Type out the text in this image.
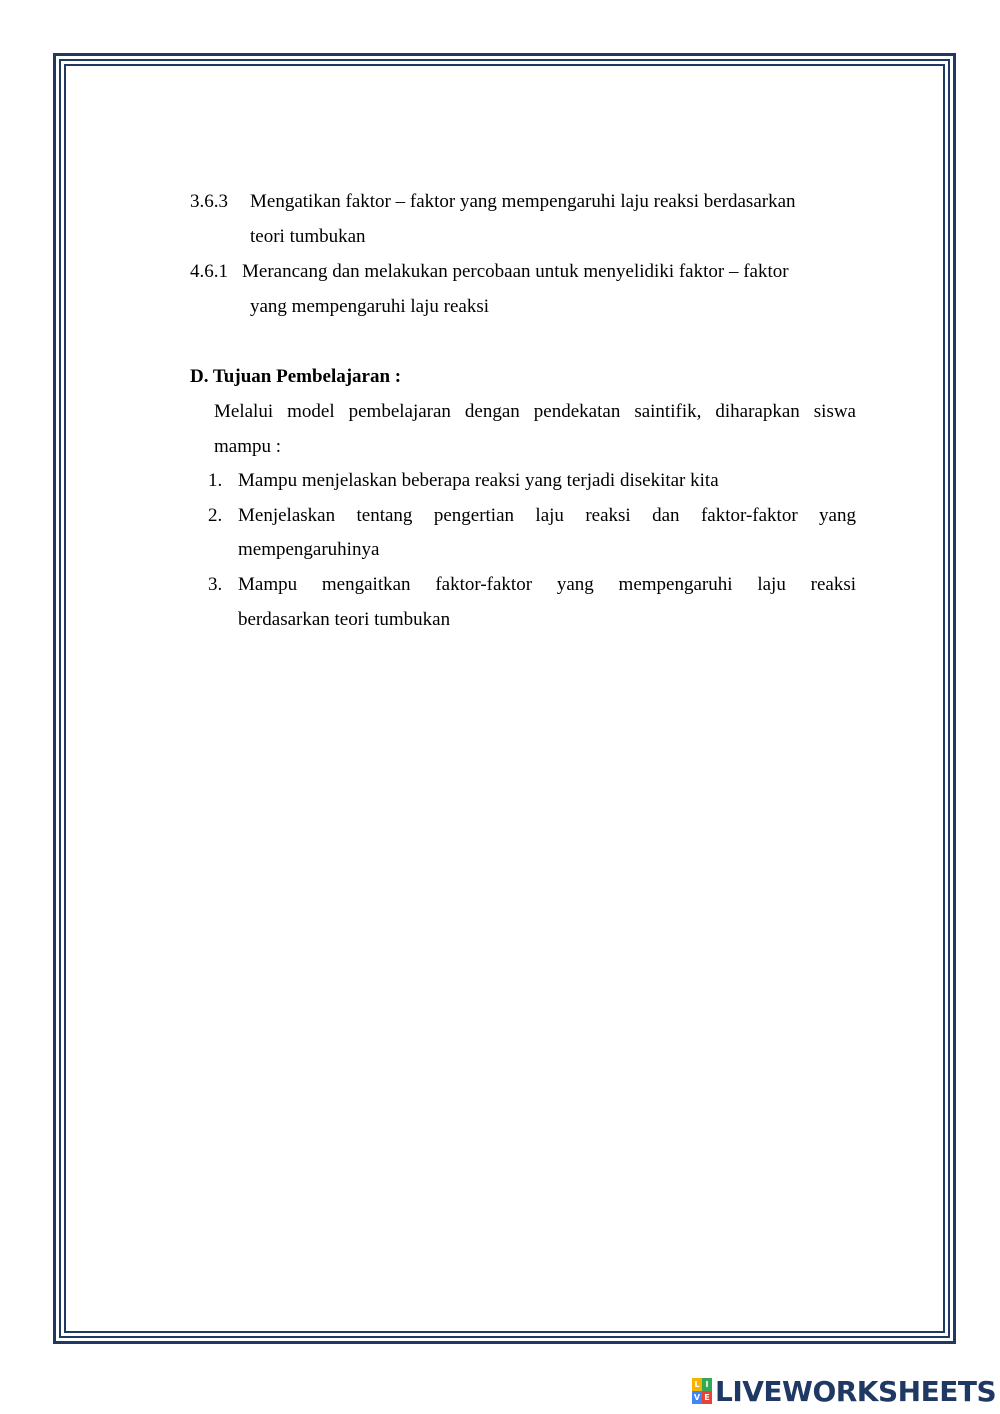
3.6.3 Mengatikan faktor – faktor yang mempengaruhi laju reaksi berdasarkan
teori tumbukan
4.6.1 Merancang dan melakukan percobaan untuk menyelidiki faktor – faktor
yang mempengaruhi laju reaksi
D. Tujuan Pembelajaran :
Melalui model pembelajaran dengan pendekatan saintifik, diharapkan siswa
mampu :
1. Mampu menjelaskan beberapa reaksi yang terjadi disekitar kita
2. Menjelaskan tentang pengertian laju reaksi dan faktor-faktor yang
mempengaruhinya
3. Mampu mengaitkan faktor-faktor yang mempengaruhi laju reaksi
berdasarkan teori tumbukan
L I
V E LIVEWORKSHEETS
